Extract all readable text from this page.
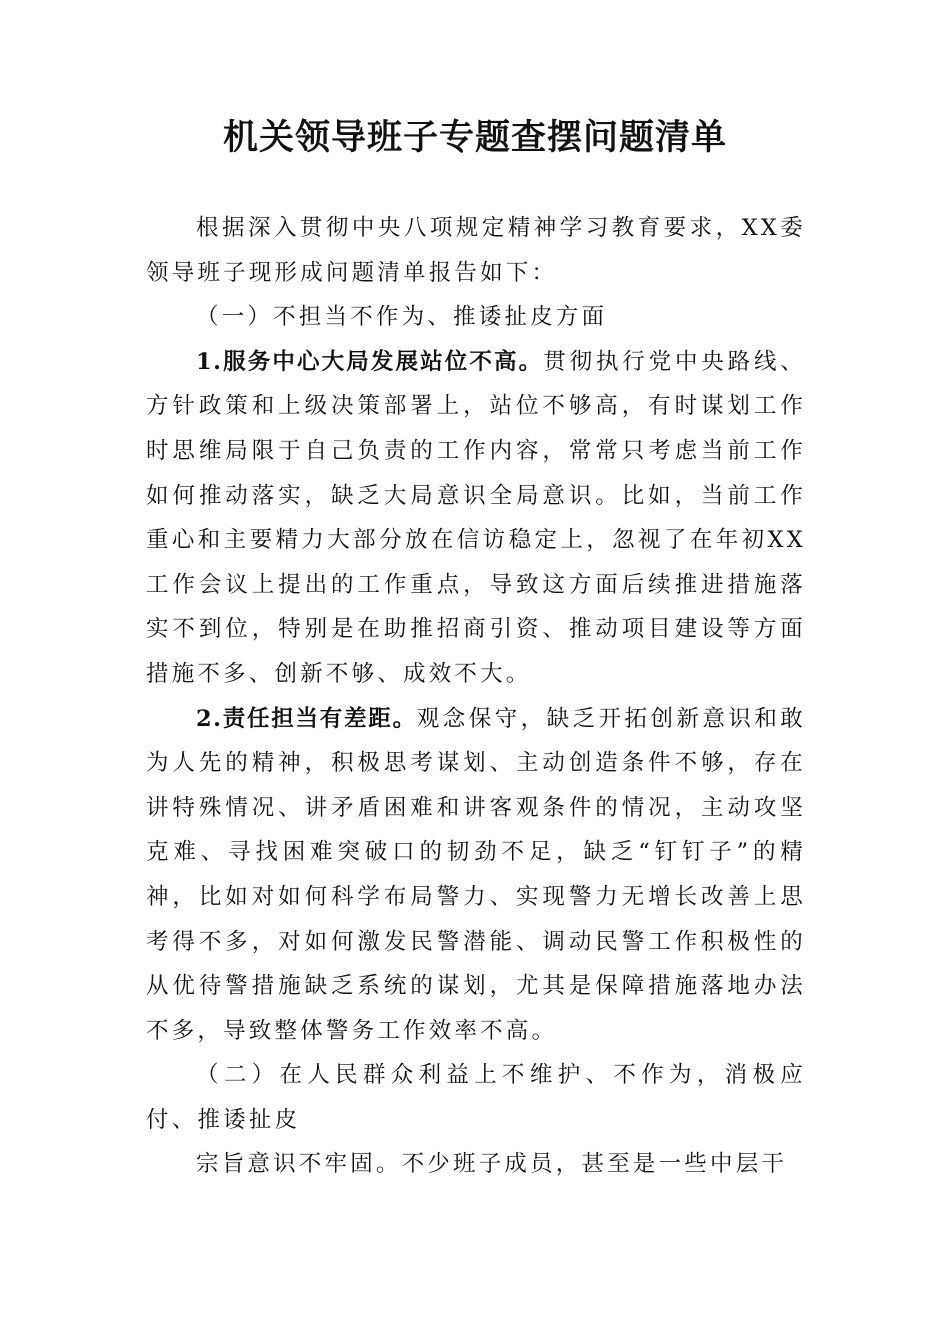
机关领导班子专题查摆问题清单

根据深入贯彻中央八项规定精神学习教育要求，XX委领导班子现形成问题清单报告如下：

（一）不担当不作为、推诿扯皮方面

1.服务中心大局发展站位不高。贯彻执行党中央路线、方针政策和上级决策部署上，站位不够高，有时谋划工作时思维局限于自己负责的工作内容，常常只考虑当前工作如何推动落实，缺乏大局意识全局意识。比如，当前工作重心和主要精力大部分放在信访稳定上，忽视了在年初XX工作会议上提出的工作重点，导致这方面后续推进措施落实不到位，特别是在助推招商引资、推动项目建设等方面措施不多、创新不够、成效不大。

2.责任担当有差距。观念保守，缺乏开拓创新意识和敢为人先的精神，积极思考谋划、主动创造条件不够，存在讲特殊情况、讲矛盾困难和讲客观条件的情况，主动攻坚克难、寻找困难突破口的韧劲不足，缺乏“钉钉子”的精神，比如对如何科学布局警力、实现警力无增长改善上思考得不多，对如何激发民警潜能、调动民警工作积极性的从优待警措施缺乏系统的谋划，尤其是保障措施落地办法不多，导致整体警务工作效率不高。

（二）在人民群众利益上不维护、不作为，消极应付、推诿扯皮

宗旨意识不牢固。不少班子成员，甚至是一些中层干
